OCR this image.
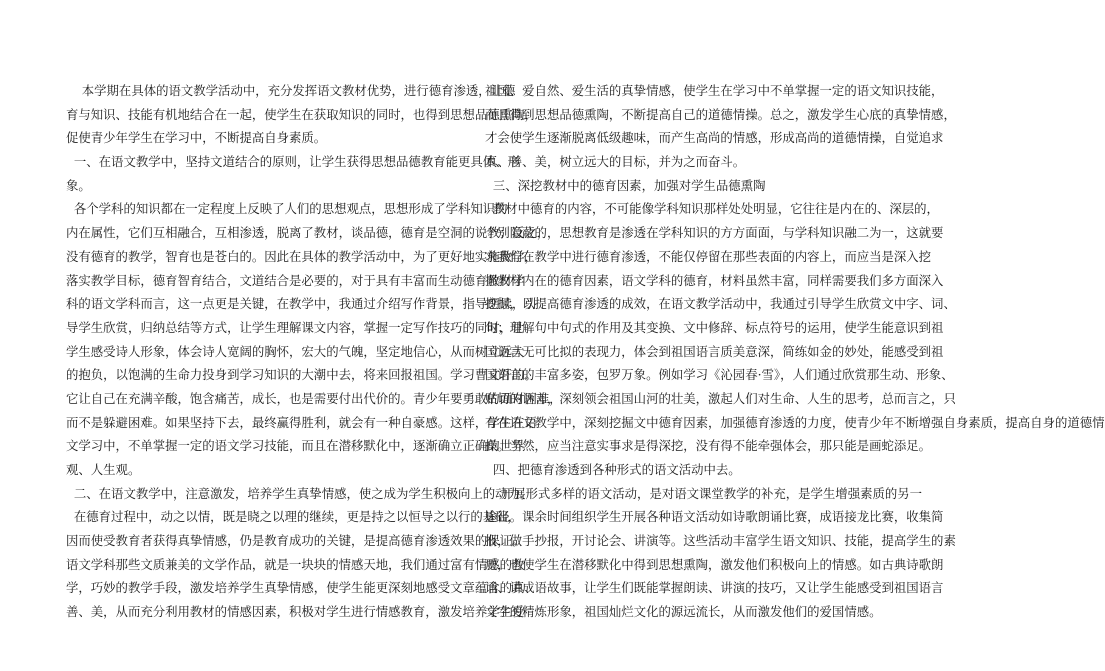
本学期在具体的语文教学活动中，充分发挥语文教材优势，进行德育渗透，让德
育与知识、技能有机地结合在一起，使学生在获取知识的同时，也得到思想品德熏陶，
促使青少年学生在学习中，不断提高自身素质。
一、在语文教学中，坚持文道结合的原则，让学生获得思想品德教育能更具体、形
象。
各个学科的知识都在一定程度上反映了人们的思想观点，思想形成了学科知识的
内在属性，它们互相融合，互相渗透，脱离了教材，谈品德，德育是空洞的说教；反之，
没有德育的教学，智育也是苍白的。因此在具体的教学活动中，为了更好地实施教学，
落实教学目标，德育智育结合，文道结合是必要的，对于具有丰富而生动德育教材学
科的语文学科而言，这一点更是关键，在教学中，我通过介绍写作背景，指导朗读，引
导学生欣赏，归纳总结等方式，让学生理解课文内容，掌握一定写作技巧的同时，让
学生感受诗人形象，体会诗人宽阔的胸怀，宏大的气魄，坚定地信心，从而树立远大
的抱负，以饱满的生命力投身到学习知识的大潮中去，将来回报祖国。学习曹文轩的。
它让自己在充满辛酸，饱含痛苦，成长，也是需要付出代价的。青少年要勇敢的面对困难，
而不是躲避困难。如果坚持下去，最终赢得胜利，就会有一种自豪感。这样，学生在语
文学习中，不单掌握一定的语文学习技能，而且在潜移默化中，逐渐确立正确的世界
观、人生观。
二、在语文教学中，注意激发，培养学生真挚情感，使之成为学生积极向上的动力。
在德育过程中，动之以情，既是晓之以理的继续，更是持之以恒导之以行的基础，
因而使受教育者获得真挚情感，仍是教育成功的关键，是提高德育渗透效果的保证。
语文学科那些文质兼美的文学作品，就是一块块的情感天地，我们通过富有情感的教
学，巧妙的教学手段，激发培养学生真挚情感，使学生能更深刻地感受文章蕴含的真、
善、美，从而充分利用教材的情感因素，积极对学生进行情感教育，激发培养学生爱
祖国、爱自然、爱生活的真挚情感，使学生在学习中不单掌握一定的语文知识技能，
而且得到思想品德熏陶，不断提高自己的道德情操。总之，激发学生心底的真挚情感，
才会使学生逐渐脱离低级趣味，而产生高尚的情感，形成高尚的道德情操，自觉追求
真、善、美，树立远大的目标，并为之而奋斗。
三、深挖教材中的德育因素，加强对学生品德熏陶
教材中德育的内容，不可能像学科知识那样处处明显，它往往是内在的、深层的，
个别隐蔽的，思想教育是渗透在学科知识的方方面面，与学科知识融二为一，这就要
求我们在教学中进行德育渗透，不能仅停留在那些表面的内容上，而应当是深入挖
掘教材内在的德育因素，语文学科的德育，材料虽然丰富，同样需要我们多方面深入
挖掘，以提高德育渗透的成效，在语文教学活动中，我通过引导学生欣赏文中字、词、
句；理解句中句式的作用及其变换、文中修辞、标点符号的运用，使学生能意识到祖
国语言无可比拟的表现力，体会到祖国语言质美意深，简练如金的妙处，能感受到祖
国语言的丰富多姿，包罗万象。例如学习《沁园春·雪》，人们通过欣赏那生动、形象、
贴切的语言，深刻领会祖国山河的壮美，激起人们对生命、人生的思考，总而言之，只
有在语文教学中，深刻挖掘文中德育因素，加强德育渗透的力度，使青少年不断增强自身素质，提高自身的道德情
操。当然，应当注意实事求是得深挖，没有得不能牵强体会，那只能是画蛇添足。
四、把德育渗透到各种形式的语文活动中去。
开展形式多样的语文活动，是对语文课堂教学的补充，是学生增强素质的另一
途径。课余时间组织学生开展各种语文活动如诗歌朗诵比赛，成语接龙比赛，收集简
报，做手抄报，开讨论会、讲演等。这些活动丰富学生语文知识、技能，提高学生的素
质，也使学生在潜移默化中得到思想熏陶，激发他们积极向上的情感。如古典诗歌朗
诵、讲成语故事，让学生们既能掌握朗读、讲演的技巧，又让学生能感受到祖国语言
文字的精炼形象，祖国灿烂文化的源远流长，从而激发他们的爱国情感。
